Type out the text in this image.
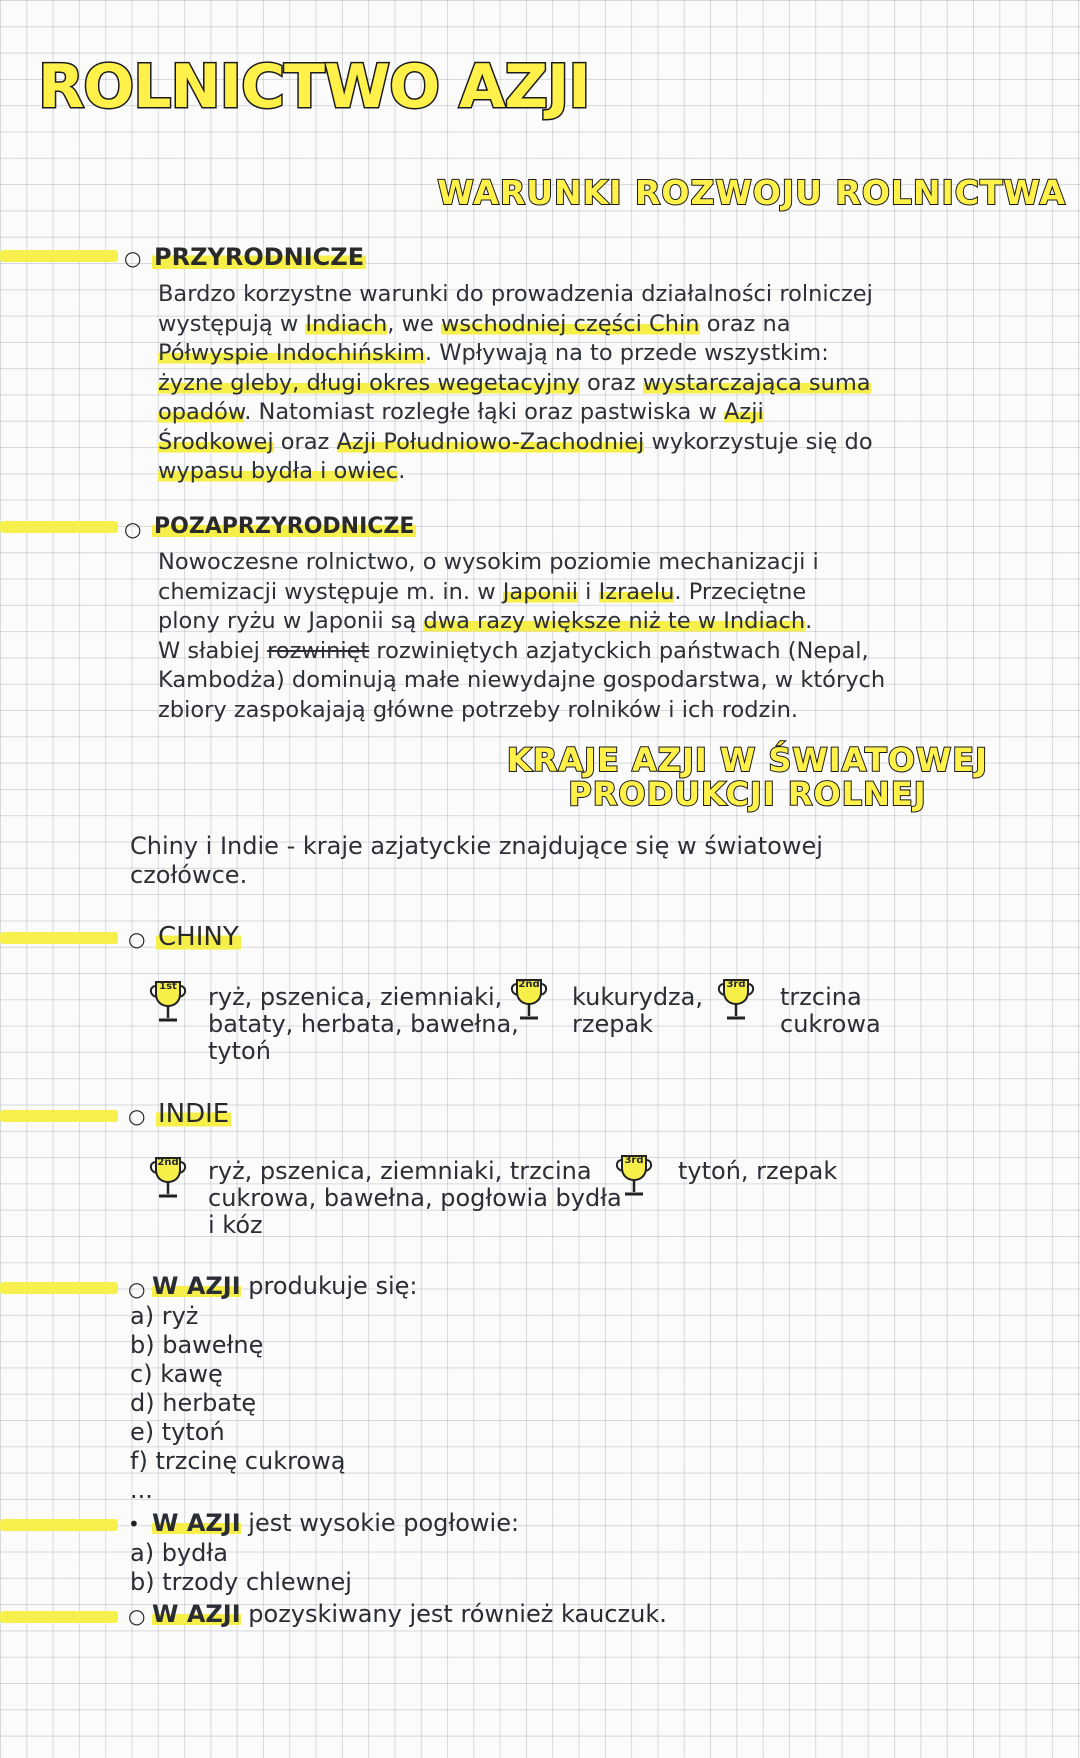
ROLNICTWO AZJI
WARUNKI ROZWOJU ROLNICTWA
○ PRZYRODNICZE

Bardzo korzystne warunki do prowadzenia działalności rolniczej

występują w Indiach, we wschodniej części Chin oraz na

Półwyspie Indochińskim. Wpływają na to przede wszystkim:

żyzne gleby, długi okres wegetacyjny oraz wystarczająca suma

opadów. Natomiast rozległe łąki oraz pastwiska w Azji

Środkowej oraz Azji Południowo-Zachodniej wykorzystuje się do

wypasu bydła i owiec.

○ POZAPRZYRODNICZE

Nowoczesne rolnictwo, o wysokim poziomie mechanizacji i

chemizacji występuje m. in. w Japonii i Izraelu. Przeciętne

plony ryżu w Japonii są dwa razy większe niż te w Indiach.

W słabiej rozwinięt rozwiniętych azjatyckich państwach (Nepal,

Kambodża) dominują małe niewydajne gospodarstwa, w których

zbiory zaspokajają główne potrzeby rolników i ich rodzin.

KRAJE AZJI W ŚWIATOWEJ
PRODUKCJI ROLNEJ

Chiny i Indie - kraje azjatyckie znajdujące się w światowej

czołówce.

○ CHINY
1st ryż, pszenica, ziemniaki,
bataty, herbata, bawełna,
tytoń
2nd kukurydza,
rzepak
3rd trzcina
cukrowa
○ INDIE
2nd ryż, pszenica, ziemniaki, trzcina
cukrowa, bawełna, pogłowia bydła
i kóz
3rd tytoń, rzepak
○ W AZJI produkuje się:
a) ryż
b) bawełnę
c) kawę
d) herbatę
e) tytoń
f) trzcinę cukrową
...
• W AZJI jest wysokie pogłowie:
a) bydła
b) trzody chlewnej
○ W AZJI pozyskiwany jest również kauczuk.
